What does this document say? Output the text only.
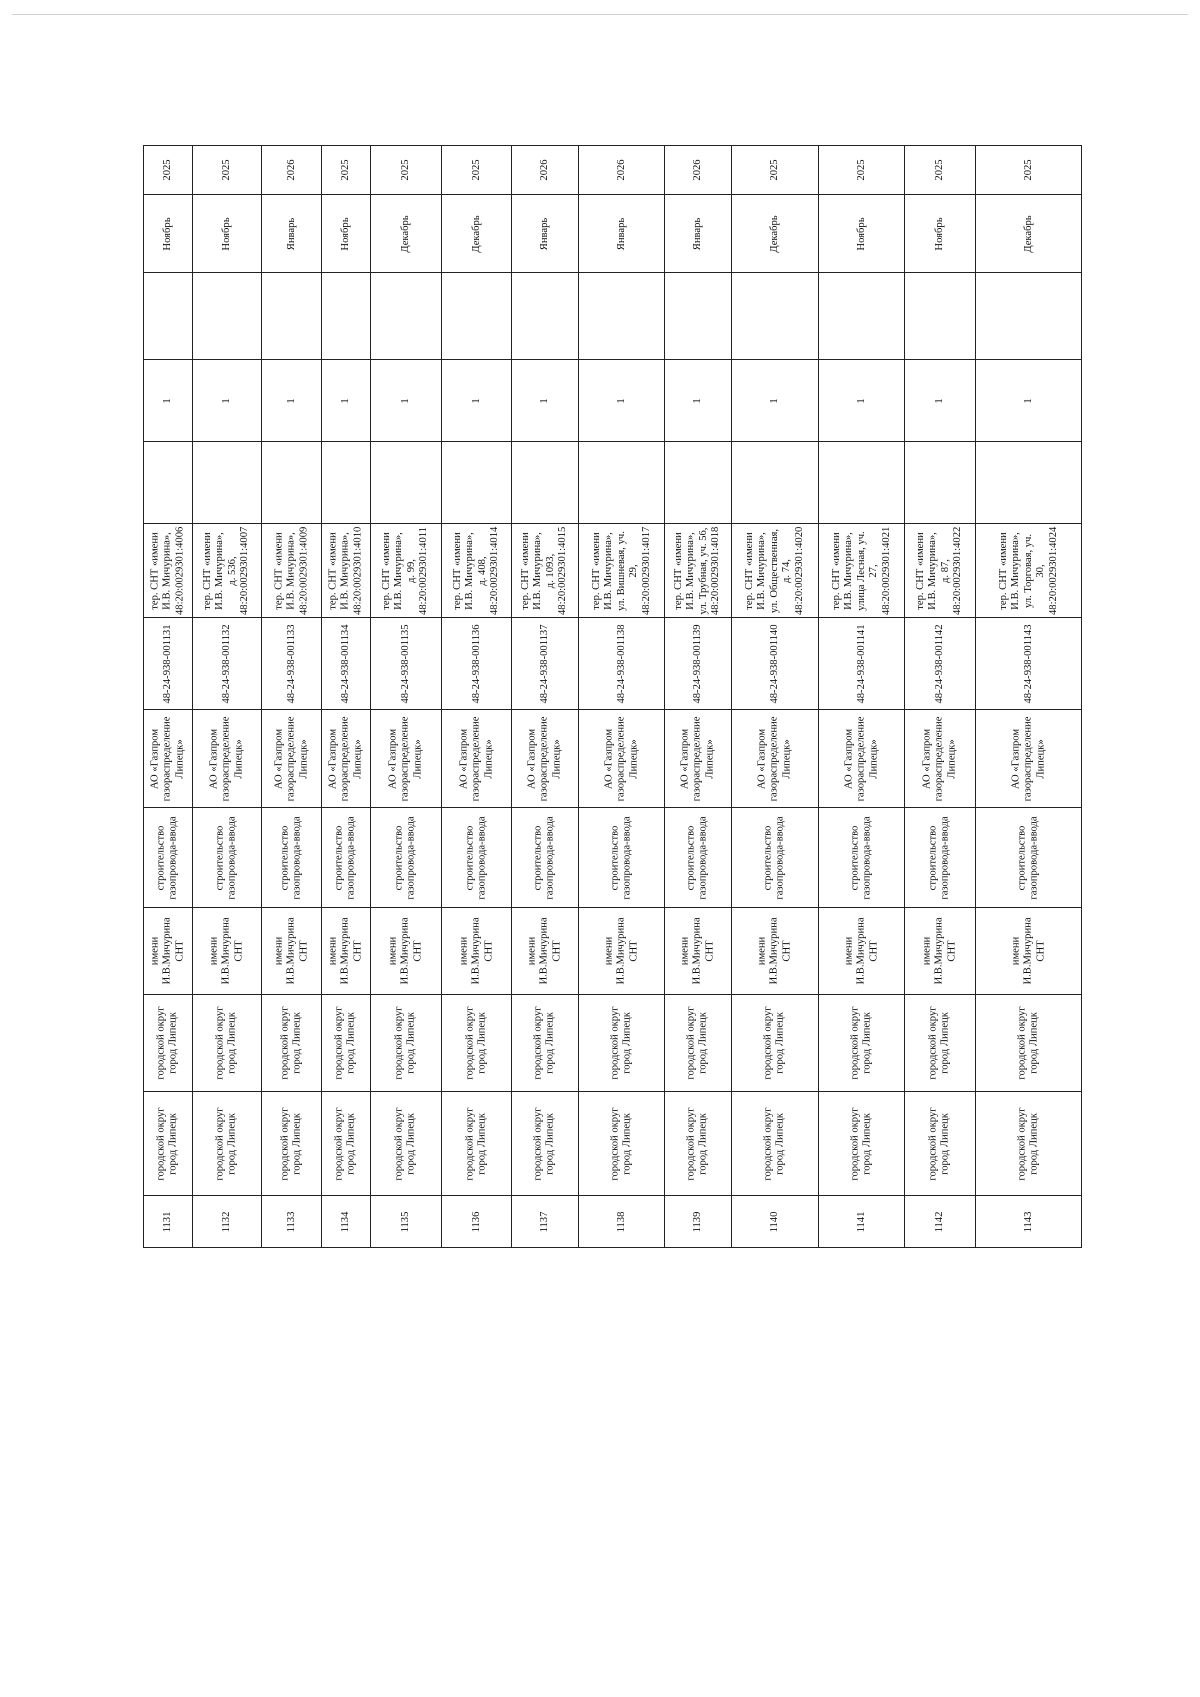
1131
городской округ город Липецк
городской округ город Липецк
имени И.В.Мичурина СНТ
строительство газопровода-ввода
АО «Газпром газораспределение Липецк»
48-24-938-001131
тер. СНТ «имени И.В. Мичурина», 48:20:0029301:4006
1
Ноябрь
2025
1132
городской округ город Липецк
городской округ город Липецк
имени И.В.Мичурина СНТ
строительство газопровода-ввода
АО «Газпром газораспределение Липецк»
48-24-938-001132
тер. СНТ «имени И.В. Мичурина», д. 536, 48:20:0029301:4007
1
Ноябрь
2025
1133
городской округ город Липецк
городской округ город Липецк
имени И.В.Мичурина СНТ
строительство газопровода-ввода
АО «Газпром газораспределение Липецк»
48-24-938-001133
тер. СНТ «имени И.В. Мичурина», 48:20:0029301:4009
1
Январь
2026
1134
городской округ город Липецк
городской округ город Липецк
имени И.В.Мичурина СНТ
строительство газопровода-ввода
АО «Газпром газораспределение Липецк»
48-24-938-001134
тер. СНТ «имени И.В. Мичурина», 48:20:0029301:4010
1
Ноябрь
2025
1135
городской округ город Липецк
городской округ город Липецк
имени И.В.Мичурина СНТ
строительство газопровода-ввода
АО «Газпром газораспределение Липецк»
48-24-938-001135
тер. СНТ «имени И.В. Мичурина», д. 99, 48:20:0029301:4011
1
Декабрь
2025
1136
городской округ город Липецк
городской округ город Липецк
имени И.В.Мичурина СНТ
строительство газопровода-ввода
АО «Газпром газораспределение Липецк»
48-24-938-001136
тер. СНТ «имени И.В. Мичурина», д. 408, 48:20:0029301:4014
1
Декабрь
2025
1137
городской округ город Липецк
городской округ город Липецк
имени И.В.Мичурина СНТ
строительство газопровода-ввода
АО «Газпром газораспределение Липецк»
48-24-938-001137
тер. СНТ «имени И.В. Мичурина», д. 1093, 48:20:0029301:4015
1
Январь
2026
1138
городской округ город Липецк
городской округ город Липецк
имени И.В.Мичурина СНТ
строительство газопровода-ввода
АО «Газпром газораспределение Липецк»
48-24-938-001138
тер. СНТ «имени И.В. Мичурина», ул. Вишневая, уч. 29, 48:20:0029301:4017
1
Январь
2026
1139
городской округ город Липецк
городской округ город Липецк
имени И.В.Мичурина СНТ
строительство газопровода-ввода
АО «Газпром газораспределение Липецк»
48-24-938-001139
тер. СНТ «имени И.В. Мичурина», ул. Трубная, уч. 56, 48:20:0029301:4018
1
Январь
2026
1140
городской округ город Липецк
городской округ город Липецк
имени И.В.Мичурина СНТ
строительство газопровода-ввода
АО «Газпром газораспределение Липецк»
48-24-938-001140
тер. СНТ «имени И.В. Мичурина», ул. Общественная, д. 74, 48:20:0029301:4020
1
Декабрь
2025
1141
городской округ город Липецк
городской округ город Липецк
имени И.В.Мичурина СНТ
строительство газопровода-ввода
АО «Газпром газораспределение Липецк»
48-24-938-001141
тер. СНТ «имени И.В. Мичурина», улица Лесная, уч. 27, 48:20:0029301:4021
1
Ноябрь
2025
1142
городской округ город Липецк
городской округ город Липецк
имени И.В.Мичурина СНТ
строительство газопровода-ввода
АО «Газпром газораспределение Липецк»
48-24-938-001142
тер. СНТ «имени И.В. Мичурина», д. 87, 48:20:0029301:4022
1
Ноябрь
2025
1143
городской округ город Липецк
городской округ город Липецк
имени И.В.Мичурина СНТ
строительство газопровода-ввода
АО «Газпром газораспределение Липецк»
48-24-938-001143
тер. СНТ «имени И.В. Мичурина», ул. Торговая, уч. 30, 48:20:0029301:4024
1
Декабрь
2025
